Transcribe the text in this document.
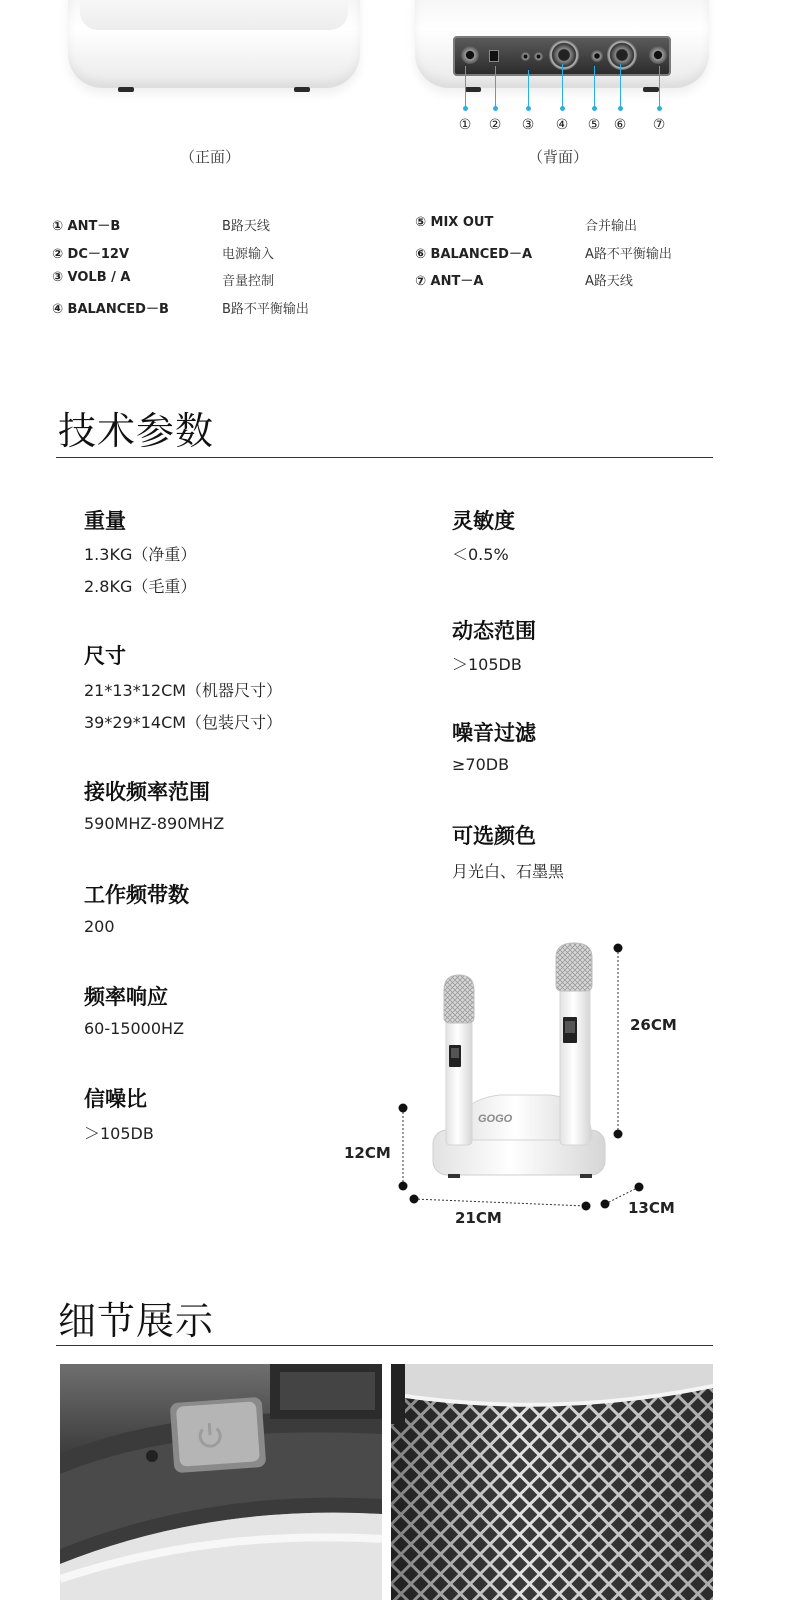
① ② ③ ④ ⑤ ⑥ ⑦
（正面）	（背面）
① ANT－B	B路天线
② DC－12V	电源输入
③ VOLB / A	音量控制
④ BALANCED－B	B路不平衡输出
⑤ MIX OUT	合并输出
⑥ BALANCED－A	A路不平衡输出
⑦ ANT－A	A路天线
技术参数
重量
1.3KG（净重）
2.8KG（毛重）
尺寸
21*13*12CM（机器尺寸）
39*29*14CM（包装尺寸）
接收频率范围
590MHZ-890MHZ
工作频带数
200
频率响应
60-15000HZ
信噪比
＞105DB
灵敏度
＜0.5%
动态范围
＞105DB
噪音过滤
≥70DB
可选颜色
月光白、石墨黑
GOGO
26CM
12CM
21CM
13CM
细节展示
